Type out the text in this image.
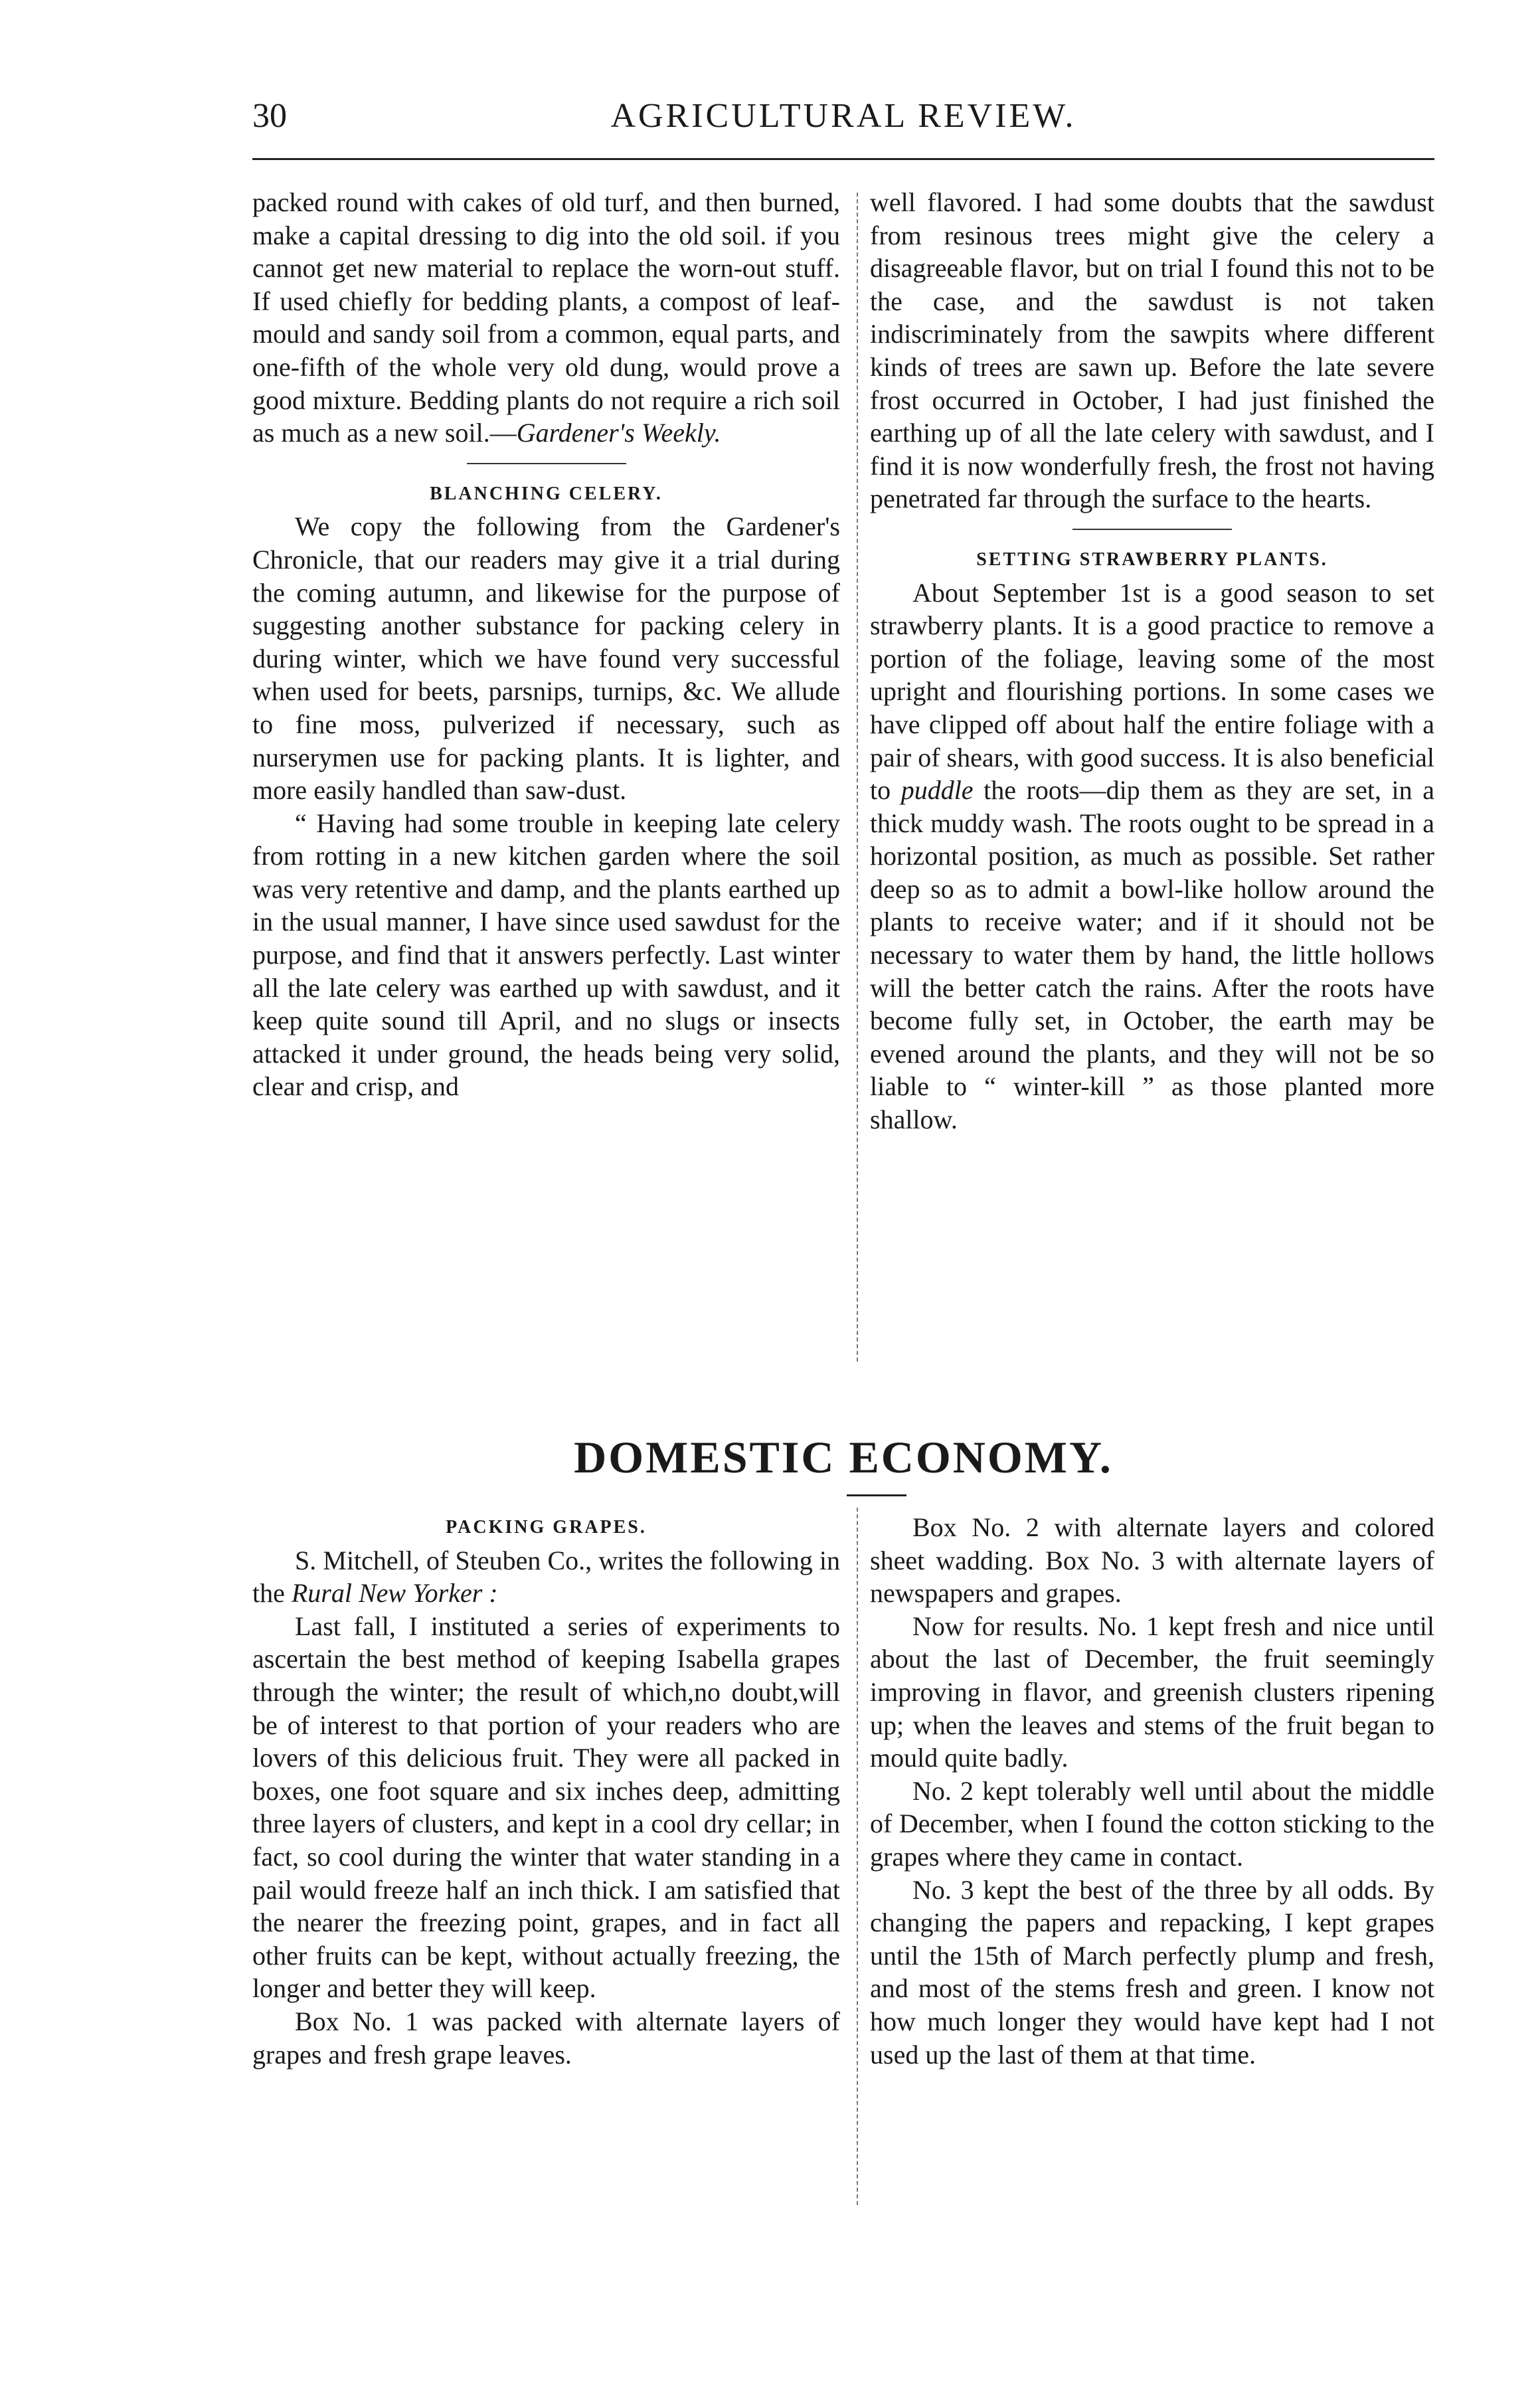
30	AGRICULTURAL REVIEW.

packed round with cakes of old turf, and then burned, make a capital dressing to dig into the old soil. if you cannot get new material to replace the worn-out stuff. If used chiefly for bedding plants, a compost of leaf-mould and sandy soil from a common, equal parts, and one-fifth of the whole very old dung, would prove a good mixture. Bedding plants do not require a rich soil as much as a new soil.—Gardener's Weekly.

BLANCHING CELERY.

We copy the following from the Gardener's Chronicle, that our readers may give it a trial during the coming autumn, and likewise for the purpose of suggesting another substance for packing celery in during winter, which we have found very successful when used for beets, parsnips, turnips, &c. We allude to fine moss, pulverized if necessary, such as nurserymen use for packing plants. It is lighter, and more easily handled than saw-dust.

“ Having had some trouble in keeping late celery from rotting in a new kitchen garden where the soil was very retentive and damp, and the plants earthed up in the usual manner, I have since used sawdust for the purpose, and find that it answers perfectly. Last winter all the late celery was earthed up with sawdust, and it keep quite sound till April, and no slugs or insects attacked it under ground, the heads being very solid, clear and crisp, and

well flavored. I had some doubts that the sawdust from resinous trees might give the celery a disagreeable flavor, but on trial I found this not to be the case, and the sawdust is not taken indiscriminately from the sawpits where different kinds of trees are sawn up. Before the late severe frost occurred in October, I had just finished the earthing up of all the late celery with sawdust, and I find it is now wonderfully fresh, the frost not having penetrated far through the surface to the hearts.

SETTING STRAWBERRY PLANTS.

About September 1st is a good season to set strawberry plants. It is a good practice to remove a portion of the foliage, leaving some of the most upright and flourishing portions. In some cases we have clipped off about half the entire foliage with a pair of shears, with good success. It is also beneficial to puddle the roots—dip them as they are set, in a thick muddy wash. The roots ought to be spread in a horizontal position, as much as possible. Set rather deep so as to admit a bowl-like hollow around the plants to receive water; and if it should not be necessary to water them by hand, the little hollows will the better catch the rains. After the roots have become fully set, in October, the earth may be evened around the plants, and they will not be so liable to “ winter-kill ” as those planted more shallow.

DOMESTIC ECONOMY.

PACKING GRAPES.

S. Mitchell, of Steuben Co., writes the following in the Rural New Yorker :

Last fall, I instituted a series of experiments to ascertain the best method of keeping Isabella grapes through the winter; the result of which,no doubt,will be of interest to that portion of your readers who are lovers of this delicious fruit. They were all packed in boxes, one foot square and six inches deep, admitting three layers of clusters, and kept in a cool dry cellar; in fact, so cool during the winter that water standing in a pail would freeze half an inch thick. I am satisfied that the nearer the freezing point, grapes, and in fact all other fruits can be kept, without actually freezing, the longer and better they will keep.

Box No. 1 was packed with alternate layers of grapes and fresh grape leaves.

Box No. 2 with alternate layers and colored sheet wadding. Box No. 3 with alternate layers of newspapers and grapes.

Now for results. No. 1 kept fresh and nice until about the last of December, the fruit seemingly improving in flavor, and greenish clusters ripening up; when the leaves and stems of the fruit began to mould quite badly.

No. 2 kept tolerably well until about the middle of December, when I found the cotton sticking to the grapes where they came in contact.

No. 3 kept the best of the three by all odds. By changing the papers and repacking, I kept grapes until the 15th of March perfectly plump and fresh, and most of the stems fresh and green. I know not how much longer they would have kept had I not used up the last of them at that time.
